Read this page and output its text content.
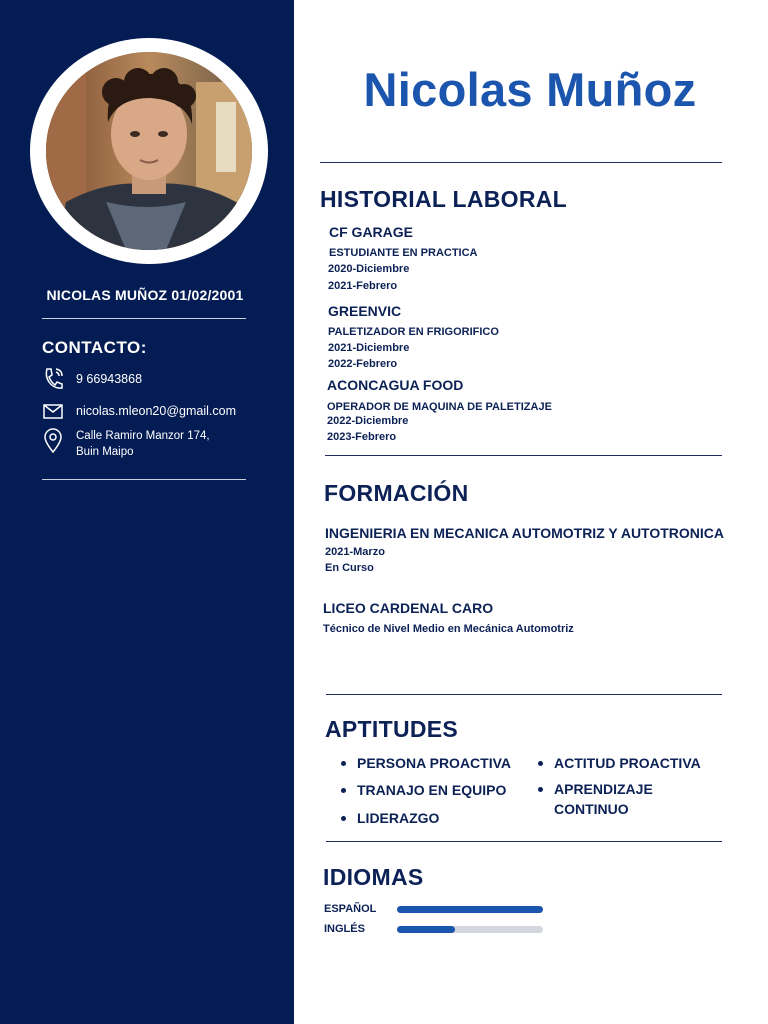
NICOLAS MUÑOZ 01/02/2001
CONTACTO:
9 66943868
nicolas.mleon20@gmail.com
Calle Ramiro Manzor 174,
Buin Maipo
Nicolas Muñoz
HISTORIAL LABORAL
CF GARAGE
ESTUDIANTE EN PRACTICA
2020-Diciembre
2021-Febrero
GREENVIC
PALETIZADOR EN FRIGORIFICO
2021-Diciembre
2022-Febrero
ACONCAGUA FOOD
OPERADOR DE MAQUINA DE PALETIZAJE
2022-Diciembre
2023-Febrero
FORMACIÓN
INGENIERIA EN MECANICA AUTOMOTRIZ Y AUTOTRONICA
2021-Marzo
En Curso
LICEO CARDENAL CARO
Técnico de Nivel Medio en Mecánica Automotriz
APTITUDES
PERSONA PROACTIVA
TRANAJO EN EQUIPO
LIDERAZGO
ACTITUD PROACTIVA
APRENDIZAJE CONTINUO
IDIOMAS
ESPAÑOL
INGLÉS
